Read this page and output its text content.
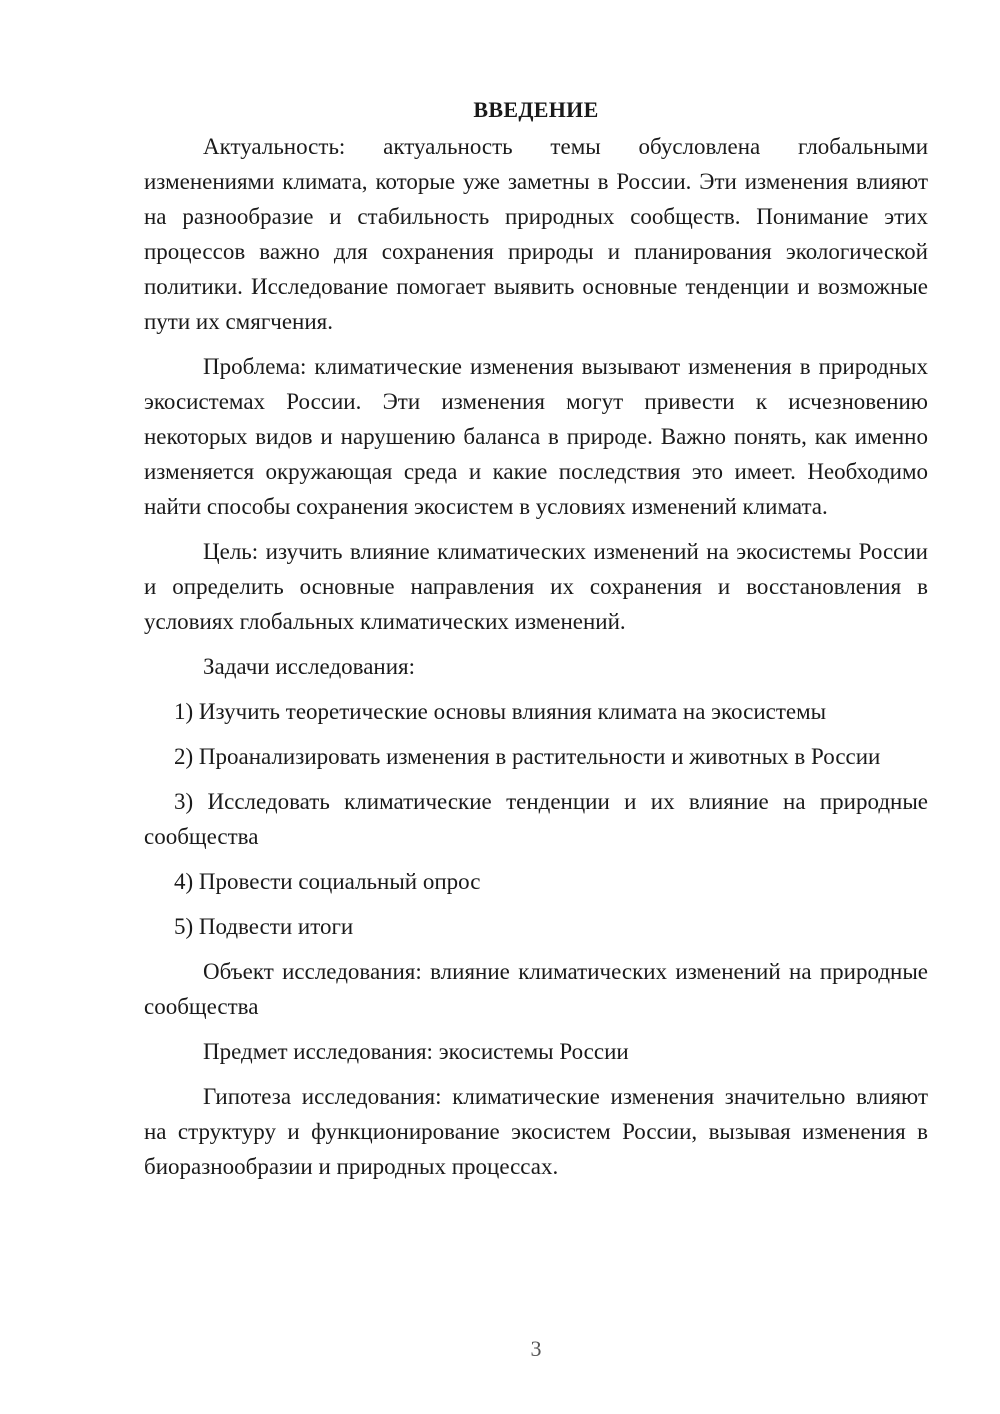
ВВЕДЕНИЕ

Актуальность: актуальность темы обусловлена глобальными изменениями климата, которые уже заметны в России. Эти изменения влияют на разнообразие и стабильность природных сообществ. Понимание этих процессов важно для сохранения природы и планирования экологической политики. Исследование помогает выявить основные тенденции и возможные пути их смягчения.

Проблема: климатические изменения вызывают изменения в природных экосистемах России. Эти изменения могут привести к исчезновению некоторых видов и нарушению баланса в природе. Важно понять, как именно изменяется окружающая среда и какие последствия это имеет. Необходимо найти способы сохранения экосистем в условиях изменений климата.

Цель: изучить влияние климатических изменений на экосистемы России и определить основные направления их сохранения и восстановления в условиях глобальных климатических изменений.

Задачи исследования:

1) Изучить теоретические основы влияния климата на экосистемы

2) Проанализировать изменения в растительности и животных в России

3) Исследовать климатические тенденции и их влияние на природные сообщества

4) Провести социальный опрос

5) Подвести итоги

Объект исследования: влияние климатических изменений на природные сообщества

Предмет исследования: экосистемы России

Гипотеза исследования: климатические изменения значительно влияют на структуру и функционирование экосистем России, вызывая изменения в биоразнообразии и природных процессах.

3
